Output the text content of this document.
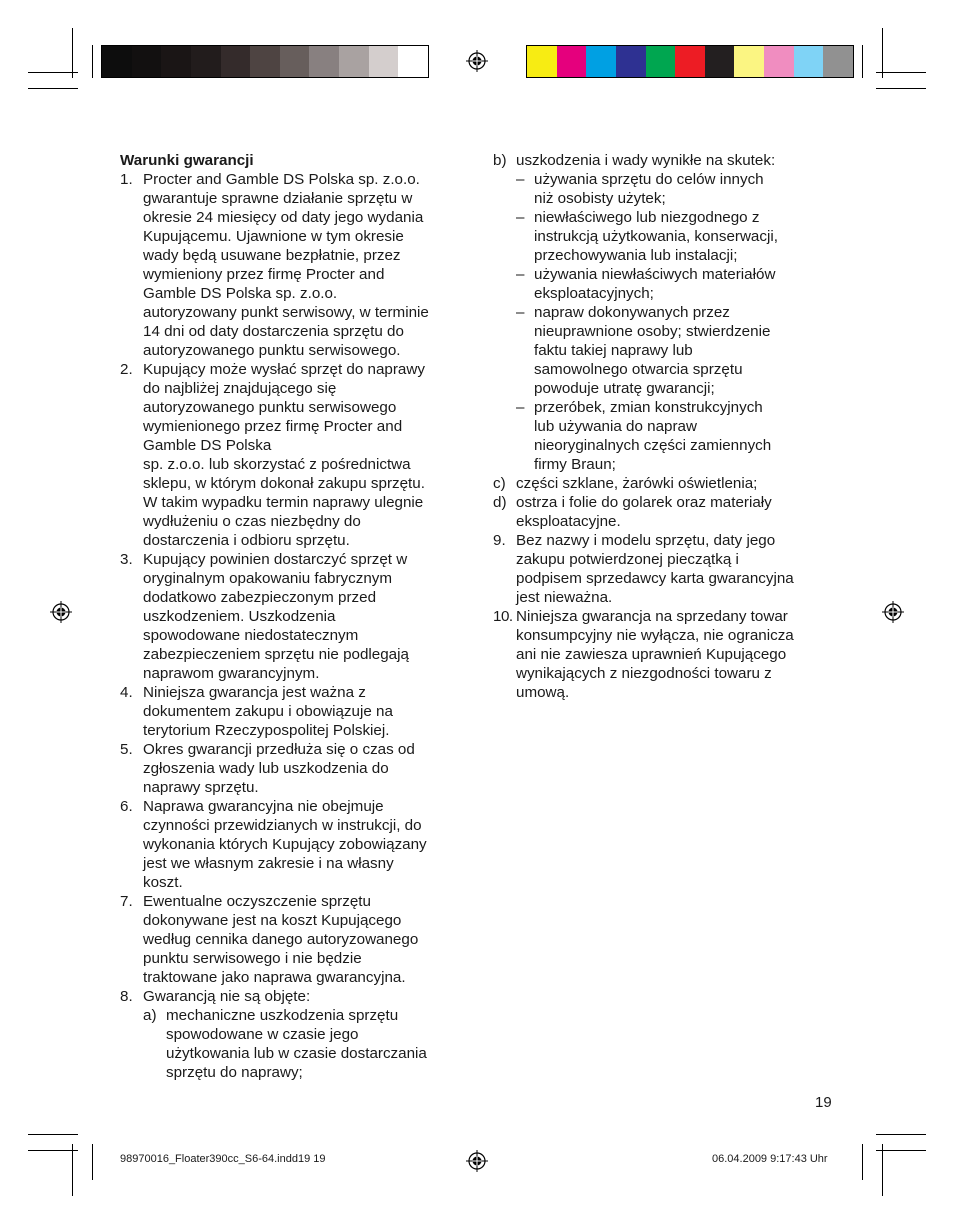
Warunki gwarancji

1. Procter and Gamble DS Polska sp. z.o.o.
gwarantuje sprawne działanie sprzętu w
okresie 24 miesięcy od daty jego wydania
Kupującemu. Ujawnione w tym okresie
wady będą usuwane bezpłatnie, przez
wymieniony przez firmę Procter and
Gamble DS Polska sp. z.o.o.
autoryzowany punkt serwisowy, w terminie
14 dni od daty dostarczenia sprzętu do
autoryzowanego punktu serwisowego.
2. Kupujący może wysłać sprzęt do naprawy
do najbliżej znajdującego się
autoryzowanego punktu serwisowego
wymienionego przez firmę Procter and
Gamble DS Polska
sp. z.o.o. lub skorzystać z pośrednictwa
sklepu, w którym dokonał zakupu sprzętu.
W takim wypadku termin naprawy ulegnie
wydłużeniu o czas niezbędny do
dostarczenia i odbioru sprzętu.
3. Kupujący powinien dostarczyć sprzęt w
oryginalnym opakowaniu fabrycznym
dodatkowo zabezpieczonym przed
uszkodzeniem. Uszkodzenia
spowodowane niedostatecznym
zabezpieczeniem sprzętu nie podlegają
naprawom gwarancyjnym.
4. Niniejsza gwarancja jest ważna z
dokumentem zakupu i obowiązuje na
terytorium Rzeczypospolitej Polskiej.
5. Okres gwarancji przedłuża się o czas od
zgłoszenia wady lub uszkodzenia do
naprawy sprzętu.
6. Naprawa gwarancyjna nie obejmuje
czynności przewidzianych w instrukcji, do
wykonania których Kupujący zobowiązany
jest we własnym zakresie i na własny
koszt.
7. Ewentualne oczyszczenie sprzętu
dokonywane jest na koszt Kupującego
według cennika danego autoryzowanego
punktu serwisowego i nie będzie
traktowane jako naprawa gwarancyjna.
8. Gwarancją nie są objęte:
a) mechaniczne uszkodzenia sprzętu
spowodowane w czasie jego
użytkowania lub w czasie dostarczania
sprzętu do naprawy;
b) uszkodzenia i wady wynikłe na skutek:
– używania sprzętu do celów innych
niż osobisty użytek;
– niewłaściwego lub niezgodnego z
instrukcją użytkowania, konserwacji,
przechowywania lub instalacji;
– używania niewłaściwych materiałów
eksploatacyjnych;
– napraw dokonywanych przez
nieuprawnione osoby; stwierdzenie
faktu takiej naprawy lub
samowolnego otwarcia sprzętu
powoduje utratę gwarancji;
– przeróbek, zmian konstrukcyjnych
lub używania do napraw
nieoryginalnych części zamiennych
firmy Braun;
c) części szklane, żarówki oświetlenia;
d) ostrza i folie do golarek oraz materiały
eksploatacyjne.
9. Bez nazwy i modelu sprzętu, daty jego
zakupu potwierdzonej pieczątką i
podpisem sprzedawcy karta gwarancyjna
jest nieważna.
10. Niniejsza gwarancja na sprzedany towar
konsumpcyjny nie wyłącza, nie ogranicza
ani nie zawiesza uprawnień Kupującego
wynikających z niezgodności towaru z
umową.
19
98970016_Floater390cc_S6-64.indd19 19	06.04.2009 9:17:43 Uhr
